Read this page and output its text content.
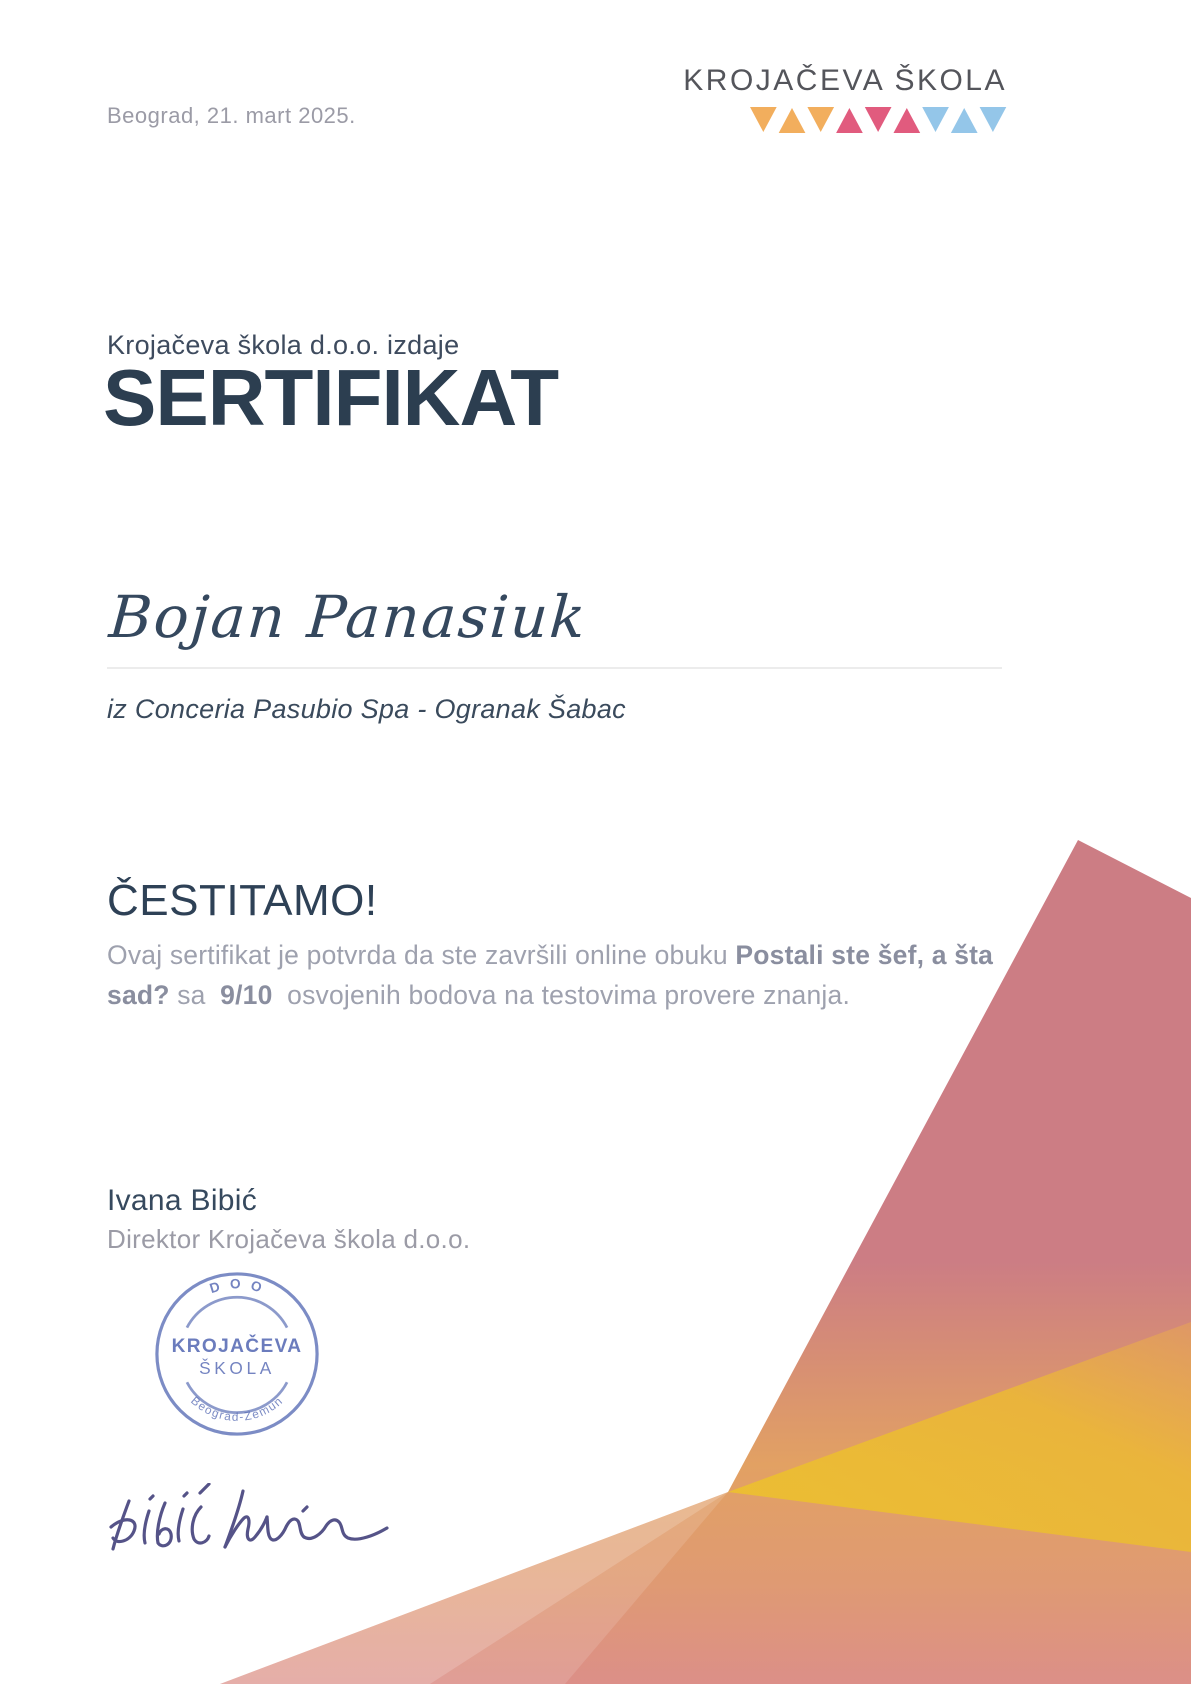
Beograd, 21. mart 2025.
KROJAČEVA ŠKOLA
Krojačeva škola d.o.o. izdaje
SERTIFIKAT
Bojan Panasiuk
iz Conceria Pasubio Spa - Ogranak Šabac
ČESTITAMO!
Ovaj sertifikat je potvrda da ste završili online obuku Postali ste šef, a šta sad? sa 9/10 osvojenih bodova na testovima provere znanja.
Ivana Bibić
Direktor Krojačeva škola d.o.o.
D O O
KROJAČEVA
ŠKOLA
Beograd-Zemun
